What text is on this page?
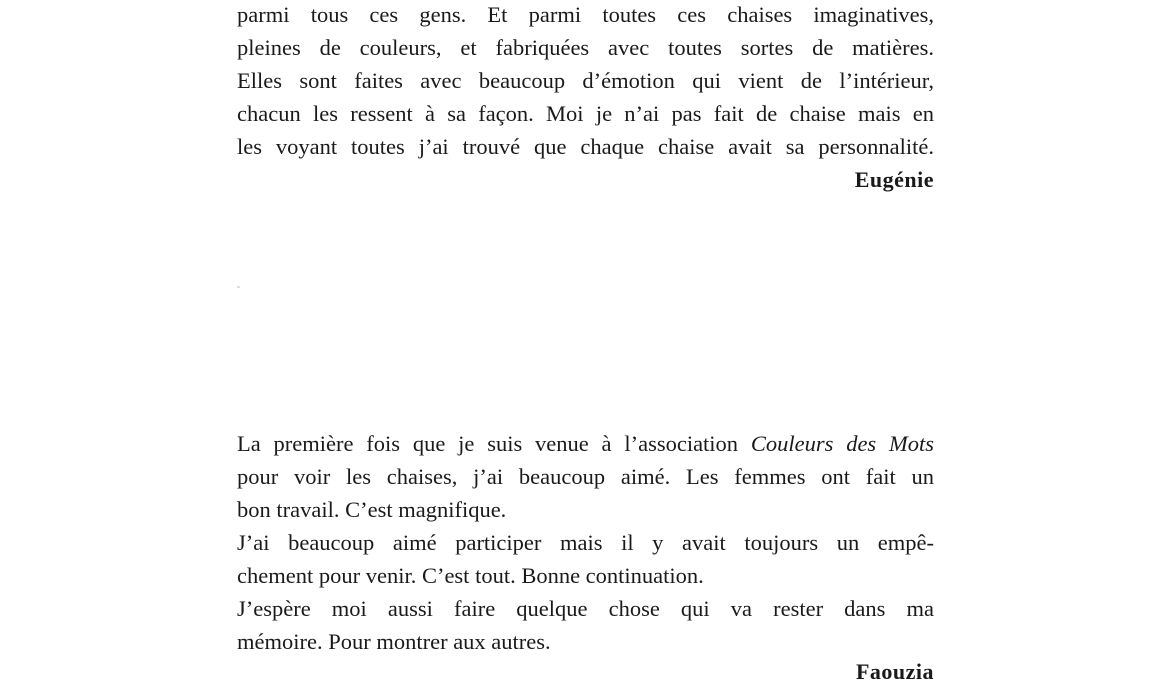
parmi tous ces gens. Et parmi toutes ces chaises imaginatives,
pleines de couleurs, et fabriquées avec toutes sortes de matières.
Elles sont faites avec beaucoup d’émotion qui vient de l’intérieur,
chacun les ressent à sa façon. Moi je n’ai pas fait de chaise mais en
les voyant toutes j’ai trouvé que chaque chaise avait sa personnalité.
Eugénie
La première fois que je suis venue à l’association Couleurs des Mots
pour voir les chaises, j’ai beaucoup aimé. Les femmes ont fait un
bon travail. C’est magnifique.
J’ai beaucoup aimé participer mais il y avait toujours un empê-
chement pour venir. C’est tout. Bonne continuation.
J’espère moi aussi faire quelque chose qui va rester dans ma
mémoire. Pour montrer aux autres.
Faouzia
